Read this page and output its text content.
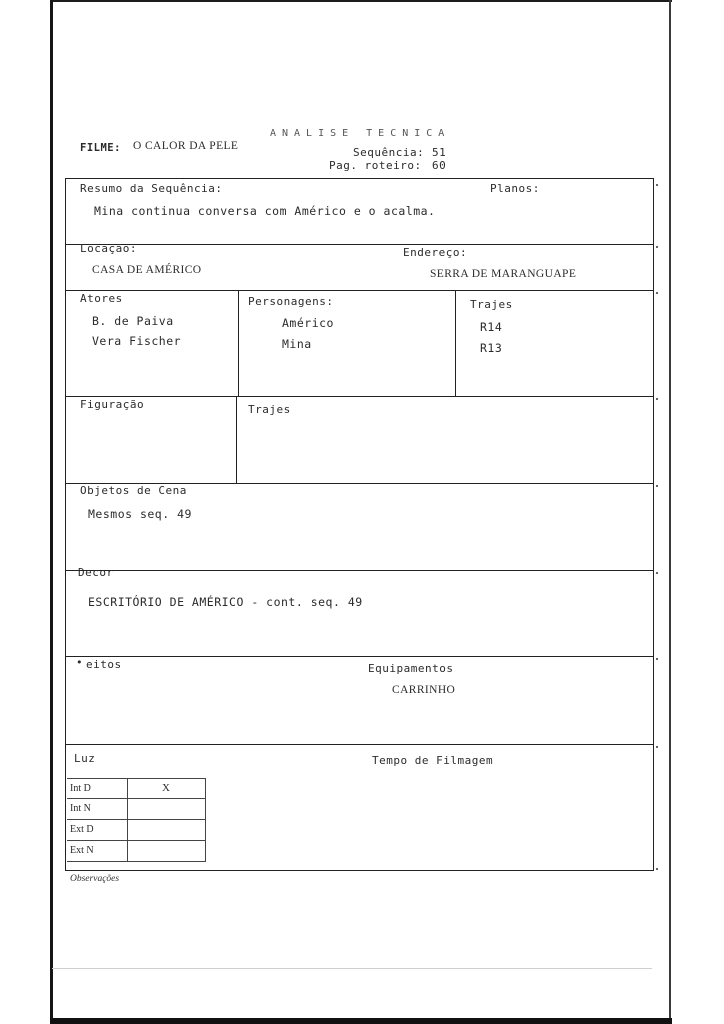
ANALISE TECNICA
FILME: O CALOR DA PELE	Sequência: 51
Pag. roteiro: 60
Resumo da Sequência:	Planos:
Mina continua conversa com Américo e o acalma.
Locação:	Endereço:
CASA DE AMÉRICO	SERRA DE MARANGUAPE
Atores	Personagens:	Trajes
B. de Paiva	Américo	R14
Vera Fischer	Mina	R13
Figuração	Trajes
Objetos de Cena
Mesmos seq. 49
Decor
ESCRITÓRIO DE AMÉRICO - cont. seq. 49
• eitos	Equipamentos
CARRINHO
Luz	Tempo de Filmagem
Int D	X
Int N
Ext D
Ext N
Observações
